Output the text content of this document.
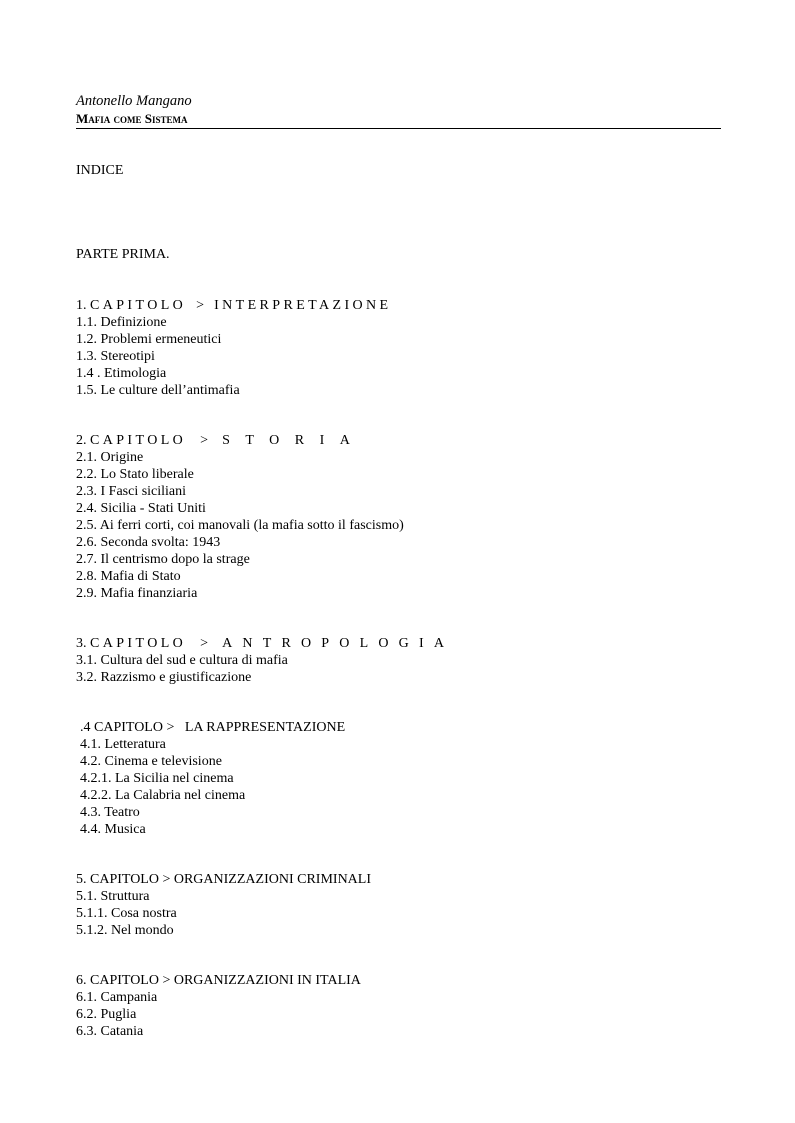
Antonello Mangano
Mafia come Sistema
INDICE
PARTE PRIMA.
1. CAPITOLO > INTERPRETAZIONE
1.1. Definizione
1.2. Problemi ermeneutici
1.3. Stereotipi
1.4 . Etimologia
1.5. Le culture dell’antimafia
2. CAPITOLO > STORIA
2.1. Origine
2.2. Lo Stato liberale
2.3. I Fasci siciliani
2.4. Sicilia - Stati Uniti
2.5. Ai ferri corti, coi manovali (la mafia sotto il fascismo)
2.6. Seconda svolta: 1943
2.7. Il centrismo dopo la strage
2.8. Mafia di Stato
2.9. Mafia finanziaria
3. CAPITOLO > ANTROPOLOGIA
3.1. Cultura del sud e cultura di mafia
3.2. Razzismo e giustificazione
.4 CAPITOLO >   LA RAPPRESENTAZIONE
4.1. Letteratura
4.2. Cinema e televisione
4.2.1. La Sicilia nel cinema
4.2.2. La Calabria nel cinema
4.3. Teatro
4.4. Musica
5. CAPITOLO > ORGANIZZAZIONI CRIMINALI
5.1. Struttura
5.1.1. Cosa nostra
5.1.2. Nel mondo
6. CAPITOLO > ORGANIZZAZIONI IN ITALIA
6.1. Campania
6.2. Puglia
6.3. Catania
